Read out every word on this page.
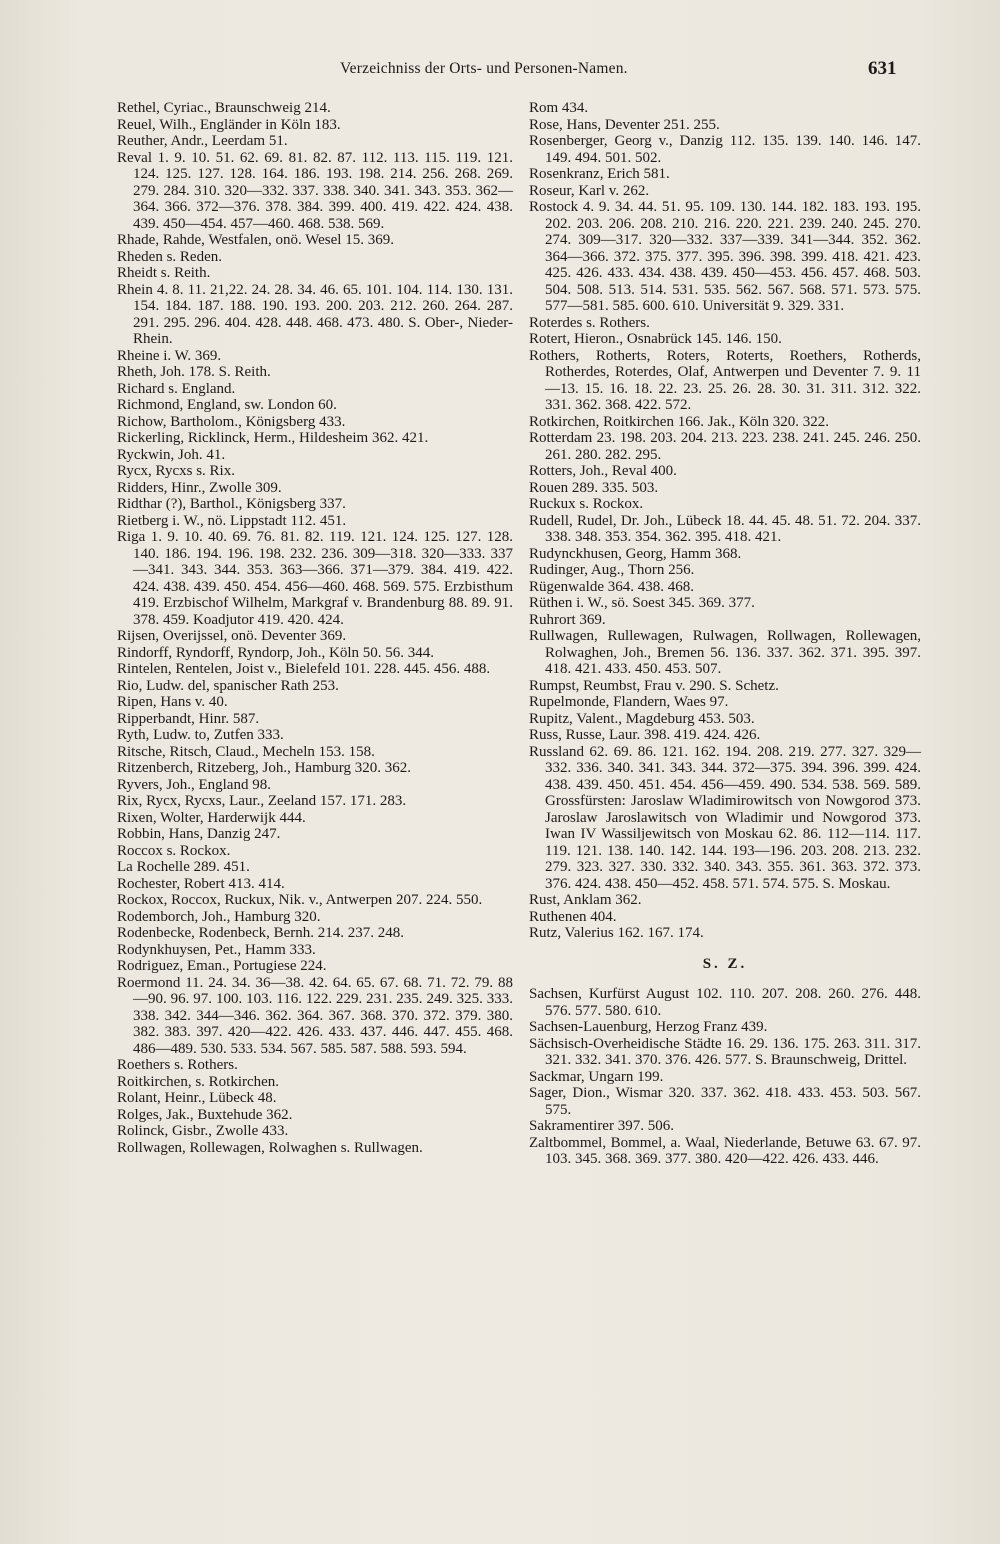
Verzeichniss der Orts- und Personen-Namen.	631

Rethel, Cyriac., Braunschweig 214.

Reuel, Wilh., Engländer in Köln 183.

Reuther, Andr., Leerdam 51.

Reval 1. 9. 10. 51. 62. 69. 81. 82. 87. 112. 113. 115. 119. 121. 124. 125. 127. 128. 164. 186. 193. 198. 214. 256. 268. 269. 279. 284. 310. 320—332. 337. 338. 340. 341. 343. 353. 362—364. 366. 372—376. 378. 384. 399. 400. 419. 422. 424. 438. 439. 450—454. 457—460. 468. 538. 569.

Rhade, Rahde, Westfalen, onö. Wesel 15. 369.

Rheden s. Reden.

Rheidt s. Reith.

Rhein 4. 8. 11. 21,22. 24. 28. 34. 46. 65. 101. 104. 114. 130. 131. 154. 184. 187. 188. 190. 193. 200. 203. 212. 260. 264. 287. 291. 295. 296. 404. 428. 448. 468. 473. 480. S. Ober-, Nieder-Rhein.

Rheine i. W. 369.

Rheth, Joh. 178. S. Reith.

Richard s. England.

Richmond, England, sw. London 60.

Richow, Bartholom., Königsberg 433.

Rickerling, Ricklinck, Herm., Hildesheim 362. 421.

Ryckwin, Joh. 41.

Rycx, Rycxs s. Rix.

Ridders, Hinr., Zwolle 309.

Ridthar (?), Barthol., Königsberg 337.

Rietberg i. W., nö. Lippstadt 112. 451.

Riga 1. 9. 10. 40. 69. 76. 81. 82. 119. 121. 124. 125. 127. 128. 140. 186. 194. 196. 198. 232. 236. 309—318. 320—333. 337—341. 343. 344. 353. 363—366. 371—379. 384. 419. 422. 424. 438. 439. 450. 454. 456—460. 468. 569. 575. Erzbisthum 419. Erzbischof Wilhelm, Markgraf v. Brandenburg 88. 89. 91. 378. 459. Koadjutor 419. 420. 424.

Rijsen, Overijssel, onö. Deventer 369.

Rindorff, Ryndorff, Ryndorp, Joh., Köln 50. 56. 344.

Rintelen, Rentelen, Joist v., Bielefeld 101. 228. 445. 456. 488.

Rio, Ludw. del, spanischer Rath 253.

Ripen, Hans v. 40.

Ripperbandt, Hinr. 587.

Ryth, Ludw. to, Zutfen 333.

Ritsche, Ritsch, Claud., Mecheln 153. 158.

Ritzenberch, Ritzeberg, Joh., Hamburg 320. 362.

Ryvers, Joh., England 98.

Rix, Rycx, Rycxs, Laur., Zeeland 157. 171. 283.

Rixen, Wolter, Harderwijk 444.

Robbin, Hans, Danzig 247.

Roccox s. Rockox.

La Rochelle 289. 451.

Rochester, Robert 413. 414.

Rockox, Roccox, Ruckux, Nik. v., Antwerpen 207. 224. 550.

Rodemborch, Joh., Hamburg 320.

Rodenbecke, Rodenbeck, Bernh. 214. 237. 248.

Rodynkhuysen, Pet., Hamm 333.

Rodriguez, Eman., Portugiese 224.

Roermond 11. 24. 34. 36—38. 42. 64. 65. 67. 68. 71. 72. 79. 88—90. 96. 97. 100. 103. 116. 122. 229. 231. 235. 249. 325. 333. 338. 342. 344—346. 362. 364. 367. 368. 370. 372. 379. 380. 382. 383. 397. 420—422. 426. 433. 437. 446. 447. 455. 468. 486—489. 530. 533. 534. 567. 585. 587. 588. 593. 594.

Roethers s. Rothers.

Roitkirchen, s. Rotkirchen.

Rolant, Heinr., Lübeck 48.

Rolges, Jak., Buxtehude 362.

Rolinck, Gisbr., Zwolle 433.

Rollwagen, Rollewagen, Rolwaghen s. Rullwagen.

Rom 434.

Rose, Hans, Deventer 251. 255.

Rosenberger, Georg v., Danzig 112. 135. 139. 140. 146. 147. 149. 494. 501. 502.

Rosenkranz, Erich 581.

Roseur, Karl v. 262.

Rostock 4. 9. 34. 44. 51. 95. 109. 130. 144. 182. 183. 193. 195. 202. 203. 206. 208. 210. 216. 220. 221. 239. 240. 245. 270. 274. 309—317. 320—332. 337—339. 341—344. 352. 362. 364—366. 372. 375. 377. 395. 396. 398. 399. 418. 421. 423. 425. 426. 433. 434. 438. 439. 450—453. 456. 457. 468. 503. 504. 508. 513. 514. 531. 535. 562. 567. 568. 571. 573. 575. 577—581. 585. 600. 610. Universität 9. 329. 331.

Roterdes s. Rothers.

Rotert, Hieron., Osnabrück 145. 146. 150.

Rothers, Rotherts, Roters, Roterts, Roethers, Rotherds, Rotherdes, Roterdes, Olaf, Antwerpen und Deventer 7. 9. 11—13. 15. 16. 18. 22. 23. 25. 26. 28. 30. 31. 311. 312. 322. 331. 362. 368. 422. 572.

Rotkirchen, Roitkirchen 166. Jak., Köln 320. 322.

Rotterdam 23. 198. 203. 204. 213. 223. 238. 241. 245. 246. 250. 261. 280. 282. 295.

Rotters, Joh., Reval 400.

Rouen 289. 335. 503.

Ruckux s. Rockox.

Rudell, Rudel, Dr. Joh., Lübeck 18. 44. 45. 48. 51. 72. 204. 337. 338. 348. 353. 354. 362. 395. 418. 421.

Rudynckhusen, Georg, Hamm 368.

Rudinger, Aug., Thorn 256.

Rügenwalde 364. 438. 468.

Rüthen i. W., sö. Soest 345. 369. 377.

Ruhrort 369.

Rullwagen, Rullewagen, Rulwagen, Rollwagen, Rollewagen, Rolwaghen, Joh., Bremen 56. 136. 337. 362. 371. 395. 397. 418. 421. 433. 450. 453. 507.

Rumpst, Reumbst, Frau v. 290. S. Schetz.

Rupelmonde, Flandern, Waes 97.

Rupitz, Valent., Magdeburg 453. 503.

Russ, Russe, Laur. 398. 419. 424. 426.

Russland 62. 69. 86. 121. 162. 194. 208. 219. 277. 327. 329—332. 336. 340. 341. 343. 344. 372—375. 394. 396. 399. 424. 438. 439. 450. 451. 454. 456—459. 490. 534. 538. 569. 589. Grossfürsten: Jaroslaw Wladimirowitsch von Nowgorod 373. Jaroslaw Jaroslawitsch von Wladimir und Nowgorod 373. Iwan IV Wassiljewitsch von Moskau 62. 86. 112—114. 117. 119. 121. 138. 140. 142. 144. 193—196. 203. 208. 213. 232. 279. 323. 327. 330. 332. 340. 343. 355. 361. 363. 372. 373. 376. 424. 438. 450—452. 458. 571. 574. 575. S. Moskau.

Rust, Anklam 362.

Ruthenen 404.

Rutz, Valerius 162. 167. 174.

S. Z.

Sachsen, Kurfürst August 102. 110. 207. 208. 260. 276. 448. 576. 577. 580. 610.

Sachsen-Lauenburg, Herzog Franz 439.

Sächsisch-Overheidische Städte 16. 29. 136. 175. 263. 311. 317. 321. 332. 341. 370. 376. 426. 577. S. Braunschweig, Drittel.

Sackmar, Ungarn 199.

Sager, Dion., Wismar 320. 337. 362. 418. 433. 453. 503. 567. 575.

Sakramentirer 397. 506.

Zaltbommel, Bommel, a. Waal, Niederlande, Betuwe 63. 67. 97. 103. 345. 368. 369. 377. 380. 420—422. 426. 433. 446.
